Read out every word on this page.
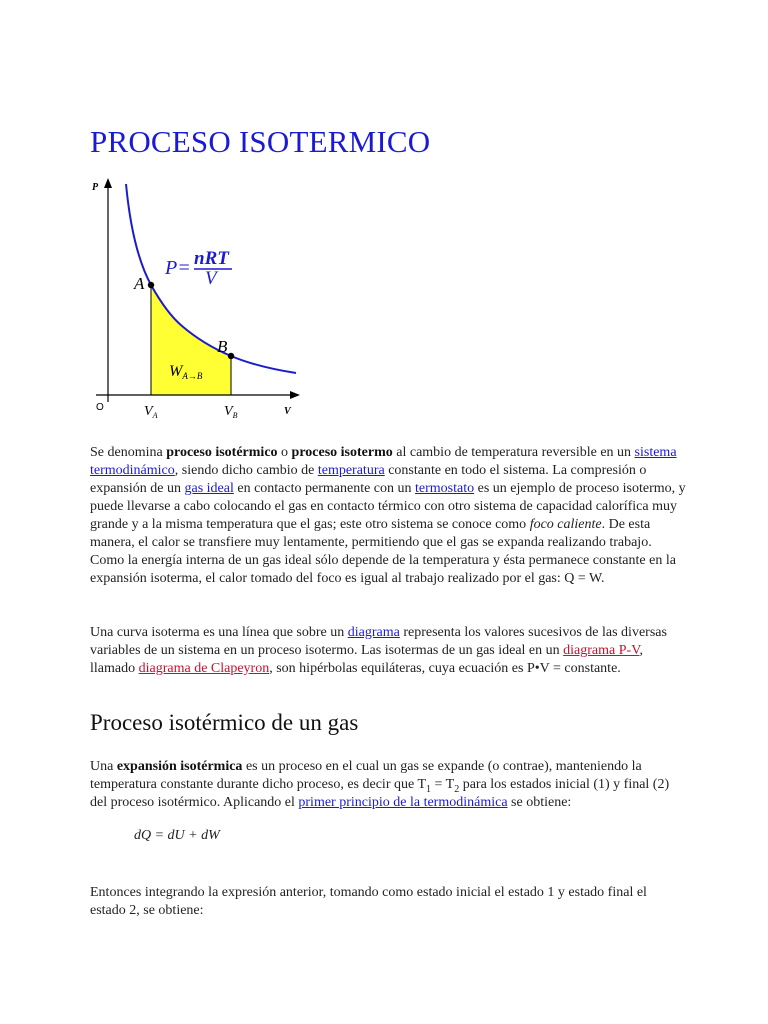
PROCESO ISOTERMICO
P
O	V
A
B
P= nRT
V
WA→B
$V_A$	$V_B$

Se denomina proceso isotérmico o proceso isotermo al cambio de temperatura reversible en un sistema termodinámico, siendo dicho cambio de temperatura constante en todo el sistema. La compresión o expansión de un gas ideal en contacto permanente con un termostato es un ejemplo de proceso isotermo, y puede llevarse a cabo colocando el gas en contacto térmico con otro sistema de capacidad calorífica muy grande y a la misma temperatura que el gas; este otro sistema se conoce como foco caliente. De esta manera, el calor se transfiere muy lentamente, permitiendo que el gas se expanda realizando trabajo. Como la energía interna de un gas ideal sólo depende de la temperatura y ésta permanece constante en la expansión isoterma, el calor tomado del foco es igual al trabajo realizado por el gas: Q = W.

Una curva isoterma es una línea que sobre un diagrama representa los valores sucesivos de las diversas variables de un sistema en un proceso isotermo. Las isotermas de un gas ideal en un diagrama P-V, llamado diagrama de Clapeyron, son hipérbolas equiláteras, cuya ecuación es P•V = constante.

Proceso isotérmico de un gas

Una expansión isotérmica es un proceso en el cual un gas se expande (o contrae), manteniendo la temperatura constante durante dicho proceso, es decir que $T_1 = T_2$ para los estados inicial (1) y final (2) del proceso isotérmico. Aplicando el primer principio de la termodinámica se obtiene:

dQ = dU + dW

Entonces integrando la expresión anterior, tomando como estado inicial el estado 1 y estado final el estado 2, se obtiene:
